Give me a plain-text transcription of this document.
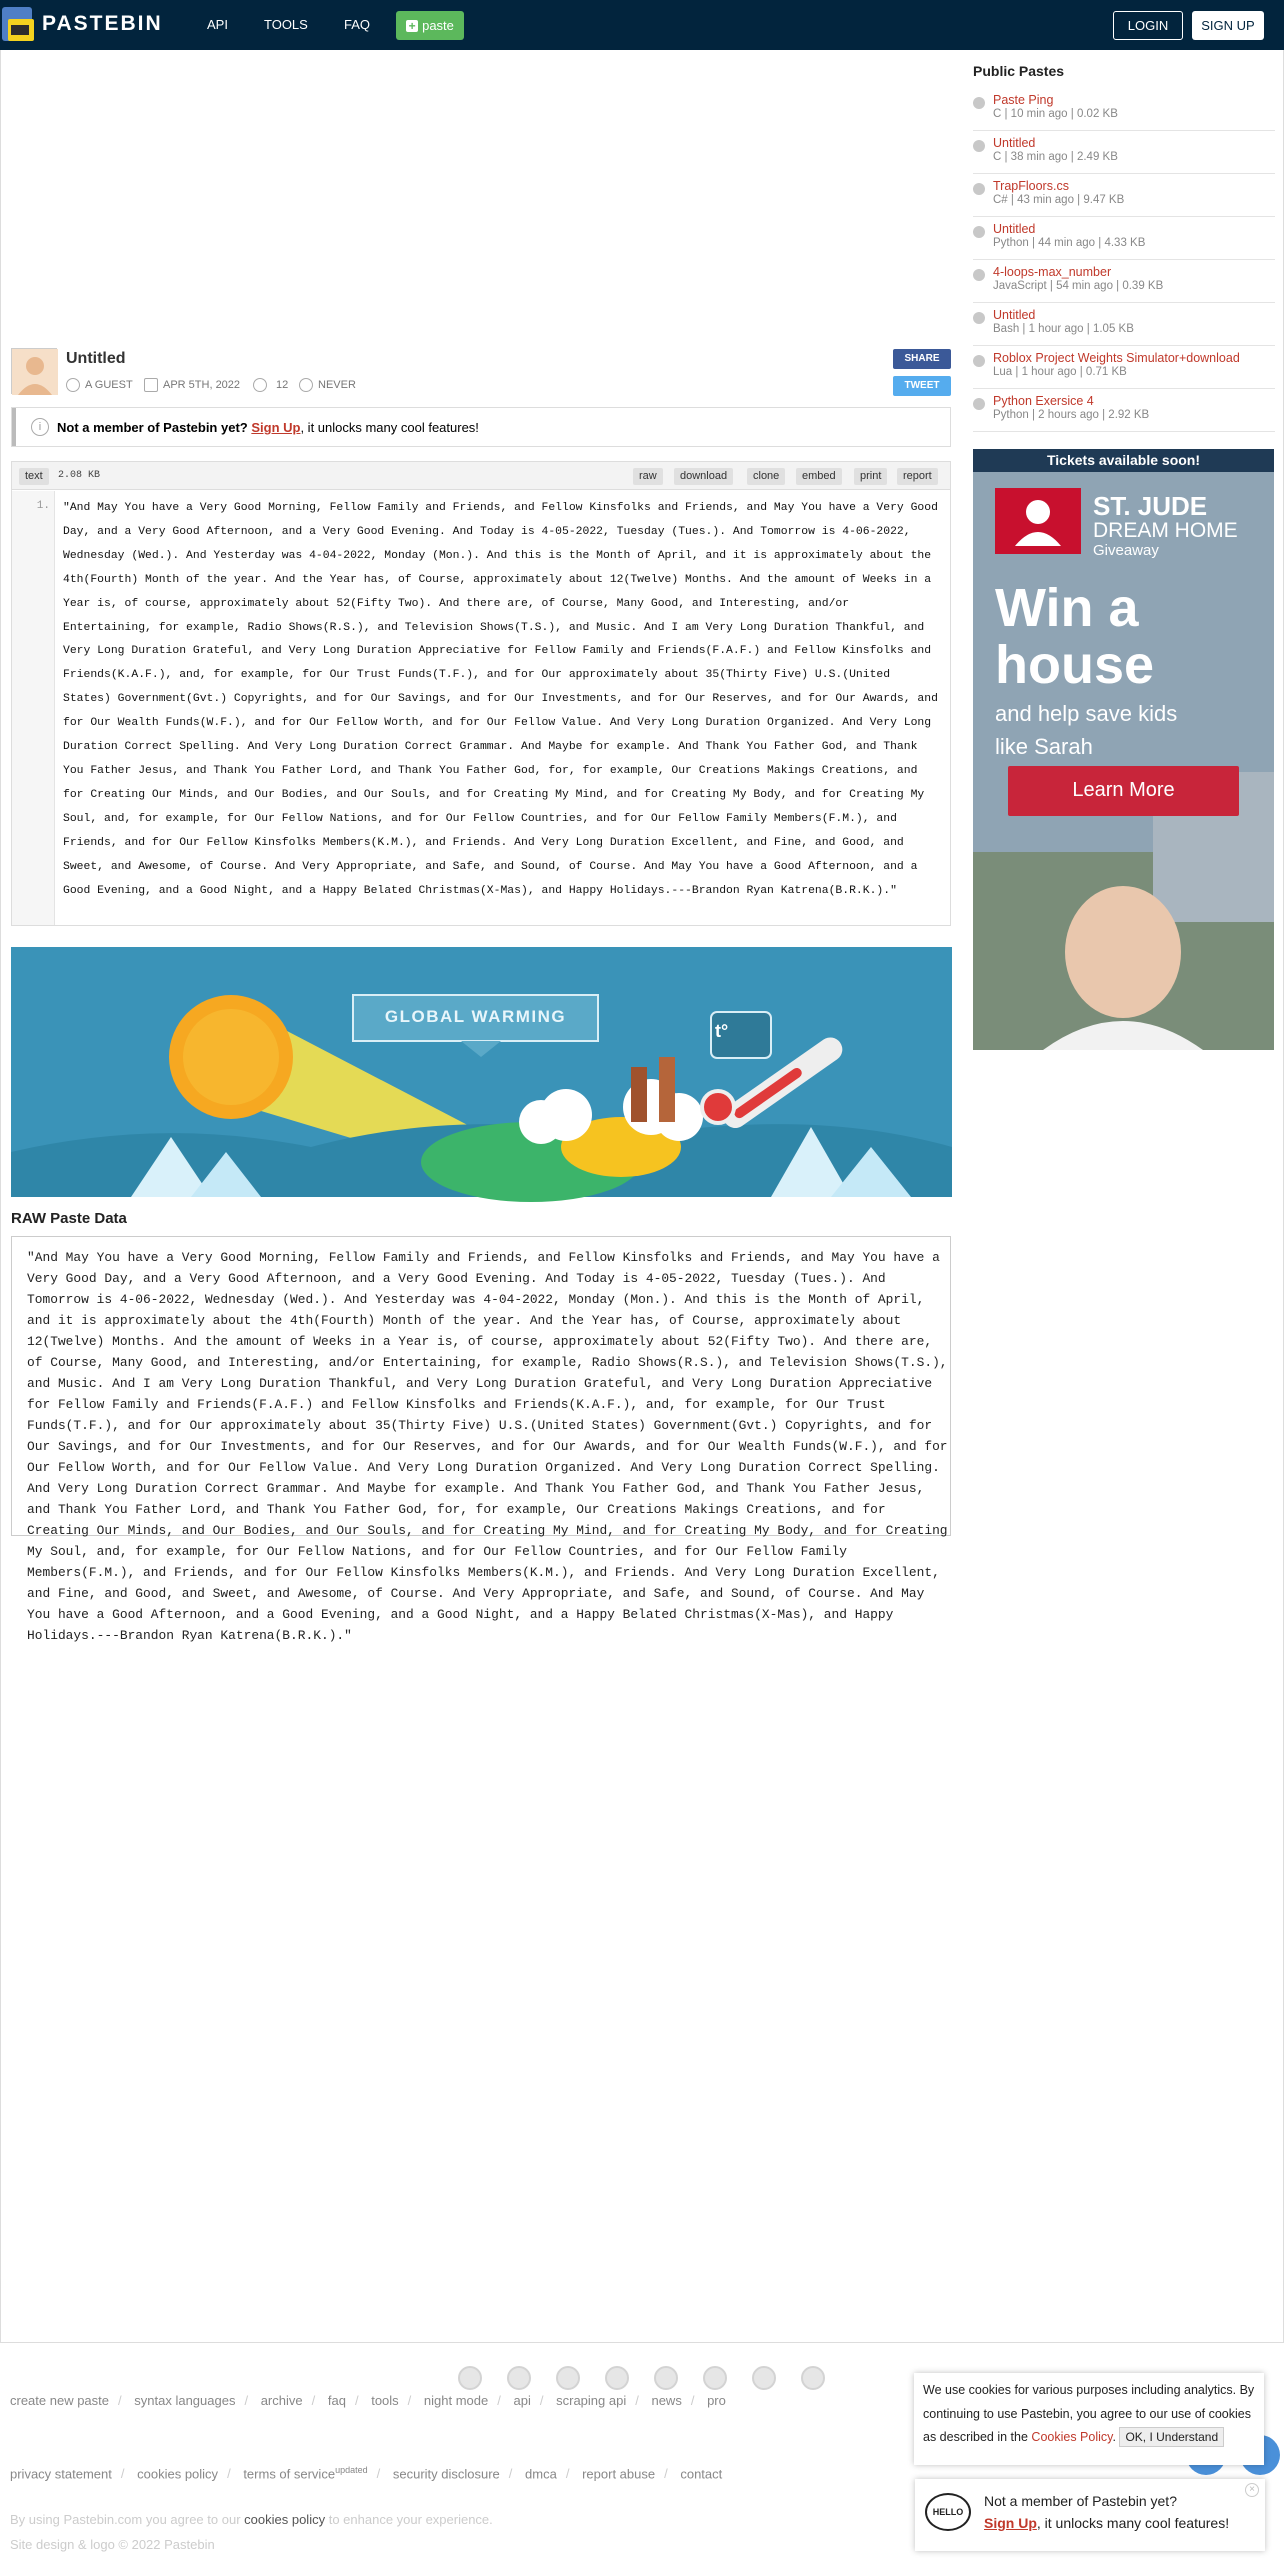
PASTEBIN	API	TOOLS	FAQ	+ paste	LOGIN	SIGN UP
Untitled
A GUEST	APR 5TH, 2022	12	NEVER
SHARE
TWEET
i	Not a member of Pastebin yet? Sign Up, it unlocks many cool features!
text	2.08 KB	raw	download	clone	embed	print	report
1. "And May You have a Very Good Morning, Fellow Family and Friends, and Fellow Kinsfolks and Friends, and May You have a Very Good Day, and a Very Good Afternoon, and a Very Good Evening. And Today is 4-05-2022, Tuesday (Tues.). And Tomorrow is 4-06-2022, Wednesday (Wed.). And Yesterday was 4-04-2022, Monday (Mon.). And this is the Month of April, and it is approximately about the 4th(Fourth) Month of the year. And the Year has, of Course, approximately about 12(Twelve) Months. And the amount of Weeks in a Year is, of course, approximately about 52(Fifty Two). And there are, of Course, Many Good, and Interesting, and/or Entertaining, for example, Radio Shows(R.S.), and Television Shows(T.S.), and Music. And I am Very Long Duration Thankful, and Very Long Duration Grateful, and Very Long Duration Appreciative for Fellow Family and Friends(F.A.F.) and Fellow Kinsfolks and Friends(K.A.F.), and, for example, for Our Trust Funds(T.F.), and for Our approximately about 35(Thirty Five) U.S.(United States) Government(Gvt.) Copyrights, and for Our Savings, and for Our Investments, and for Our Reserves, and for Our Awards, and for Our Wealth Funds(W.F.), and for Our Fellow Worth, and for Our Fellow Value. And Very Long Duration Organized. And Very Long Duration Correct Spelling. And Very Long Duration Correct Grammar. And Maybe for example. And Thank You Father God, and Thank You Father Jesus, and Thank You Father Lord, and Thank You Father God, for, for example, Our Creations Makings Creations, and for Creating Our Minds, and Our Bodies, and Our Souls, and for Creating My Mind, and for Creating My Body, and for Creating My Soul, and, for example, for Our Fellow Nations, and for Our Fellow Countries, and for Our Fellow Family Members(F.M.), and Friends, and for Our Fellow Kinsfolks Members(K.M.), and Friends. And Very Long Duration Excellent, and Fine, and Good, and Sweet, and Awesome, of Course. And Very Appropriate, and Safe, and Sound, of Course. And May You have a Good Afternoon, and a Good Evening, and a Good Night, and a Happy Belated Christmas(X-Mas), and Happy Holidays.---Brandon Ryan Katrena(B.R.K.)."
GLOBAL WARMING
t°
RAW Paste Data
"And May You have a Very Good Morning, Fellow Family and Friends, and Fellow Kinsfolks and Friends, and May You have a Very Good Day, and a Very Good Afternoon, and a Very Good Evening. And Today is 4-05-2022, Tuesday (Tues.). And Tomorrow is 4-06-2022, Wednesday (Wed.). And Yesterday was 4-04-2022, Monday (Mon.). And this is the Month of April, and it is approximately about the 4th(Fourth) Month of the year. And the Year has, of Course, approximately about 12(Twelve) Months. And the amount of Weeks in a Year is, of course, approximately about 52(Fifty Two). And there are, of Course, Many Good, and Interesting, and/or Entertaining, for example, Radio Shows(R.S.), and Television Shows(T.S.), and Music. And I am Very Long Duration Thankful, and Very Long Duration Grateful, and Very Long Duration Appreciative for Fellow Family and Friends(F.A.F.) and Fellow Kinsfolks and Friends(K.A.F.), and, for example, for Our Trust Funds(T.F.), and for Our approximately about 35(Thirty Five) U.S.(United States) Government(Gvt.) Copyrights, and for Our Savings, and for Our Investments, and for Our Reserves, and for Our Awards, and for Our Wealth Funds(W.F.), and for Our Fellow Worth, and for Our Fellow Value. And Very Long Duration Organized. And Very Long Duration Correct Spelling. And Very Long Duration Correct Grammar. And Maybe for example. And Thank You Father God, and Thank You Father Jesus, and Thank You Father Lord, and Thank You Father God, for, for example, Our Creations Makings Creations, and for Creating Our Minds, and Our Bodies, and Our Souls, and for Creating My Mind, and for Creating My Body, and for Creating My Soul, and, for example, for Our Fellow Nations, and for Our Fellow Countries, and for Our Fellow Family Members(F.M.), and Friends, and for Our Fellow Kinsfolks Members(K.M.), and Friends. And Very Long Duration Excellent, and Fine, and Good, and Sweet, and Awesome, of Course. And Very Appropriate, and Safe, and Sound, of Course. And May You have a Good Afternoon, and a Good Evening, and a Good Night, and a Happy Belated Christmas(X-Mas), and Happy Holidays.---Brandon Ryan Katrena(B.R.K.)."
Public Pastes
Paste Ping
C | 10 min ago | 0.02 KB
Untitled
C | 38 min ago | 2.49 KB
TrapFloors.cs
C# | 43 min ago | 9.47 KB
Untitled
Python | 44 min ago | 4.33 KB
4-loops-max_number
JavaScript | 54 min ago | 0.39 KB
Untitled
Bash | 1 hour ago | 1.05 KB
Roblox Project Weights Simulator+download
Lua | 1 hour ago | 0.71 KB
Python Exersice 4
Python | 2 hours ago | 2.92 KB
Tickets available soon!
ST. JUDE
DREAM HOME
Giveaway
Win a
house
and help save kids
like Sarah
Learn More
create new paste / syntax languages / archive / faq / tools / night mode / api / scraping api / news / pro
privacy statement / cookies policy / terms of service$^{updated}$ / security disclosure / dmca / report abuse / contact
By using Pastebin.com you agree to our cookies policy to enhance your experience.
Site design & logo © 2022 Pastebin
We use cookies for various purposes including analytics. By continuing to use Pastebin, you agree to our use of cookies as described in the Cookies Policy. OK, I Understand
HELLO
Not a member of Pastebin yet?
Sign Up, it unlocks many cool features!
×
